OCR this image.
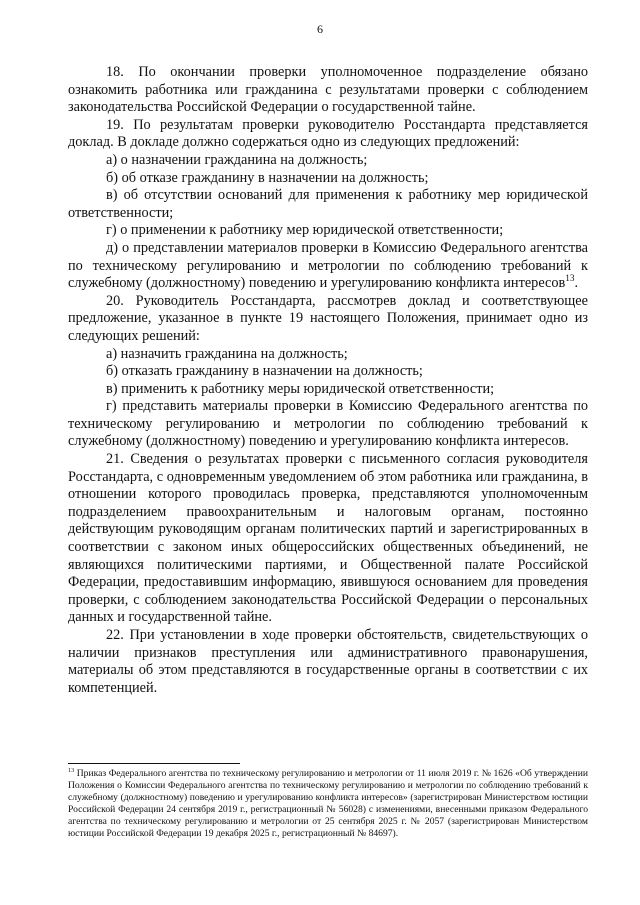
6

18. По окончании проверки уполномоченное подразделение обязано ознакомить работника или гражданина с результатами проверки с соблюдением законодательства Российской Федерации о государственной тайне.

19. По результатам проверки руководителю Росстандарта представляется доклад. В докладе должно содержаться одно из следующих предложений:

а) о назначении гражданина на должность;

б) об отказе гражданину в назначении на должность;

в) об отсутствии оснований для применения к работнику мер юридической ответственности;

г) о применении к работнику мер юридической ответственности;

д) о представлении материалов проверки в Комиссию Федерального агентства по техническому регулированию и метрологии по соблюдению требований к служебному (должностному) поведению и урегулированию конфликта интересов$^{13}$.

20. Руководитель Росстандарта, рассмотрев доклад и соответствующее предложение, указанное в пункте 19 настоящего Положения, принимает одно из следующих решений:

а) назначить гражданина на должность;

б) отказать гражданину в назначении на должность;

в) применить к работнику меры юридической ответственности;

г) представить материалы проверки в Комиссию Федерального агентства по техническому регулированию и метрологии по соблюдению требований к служебному (должностному) поведению и урегулированию конфликта интересов.

21. Сведения о результатах проверки с письменного согласия руководителя Росстандарта, с одновременным уведомлением об этом работника или гражданина, в отношении которого проводилась проверка, представляются уполномоченным подразделением правоохранительным и налоговым органам, постоянно действующим руководящим органам политических партий и зарегистрированных в соответствии с законом иных общероссийских общественных объединений, не являющихся политическими партиями, и Общественной палате Российской Федерации, предоставившим информацию, явившуюся основанием для проведения проверки, с соблюдением законодательства Российской Федерации о персональных данных и государственной тайне.

22. При установлении в ходе проверки обстоятельств, свидетельствующих о наличии признаков преступления или административного правонарушения, материалы об этом представляются в государственные органы в соответствии с их компетенцией.

$^{13}$ Приказ Федерального агентства по техническому регулированию и метрологии от 11 июля 2019 г. № 1626 «Об утверждении Положения о Комиссии Федерального агентства по техническому регулированию и метрологии по соблюдению требований к служебному (должностному) поведению и урегулированию конфликта интересов» (зарегистрирован Министерством юстиции Российской Федерации 24 сентября 2019 г., регистрационный № 56028) с изменениями, внесенными приказом Федерального агентства по техническому регулированию и метрологии от 25 сентября 2025 г. № 2057 (зарегистрирован Министерством юстиции Российской Федерации 19 декабря 2025 г., регистрационный № 84697).
